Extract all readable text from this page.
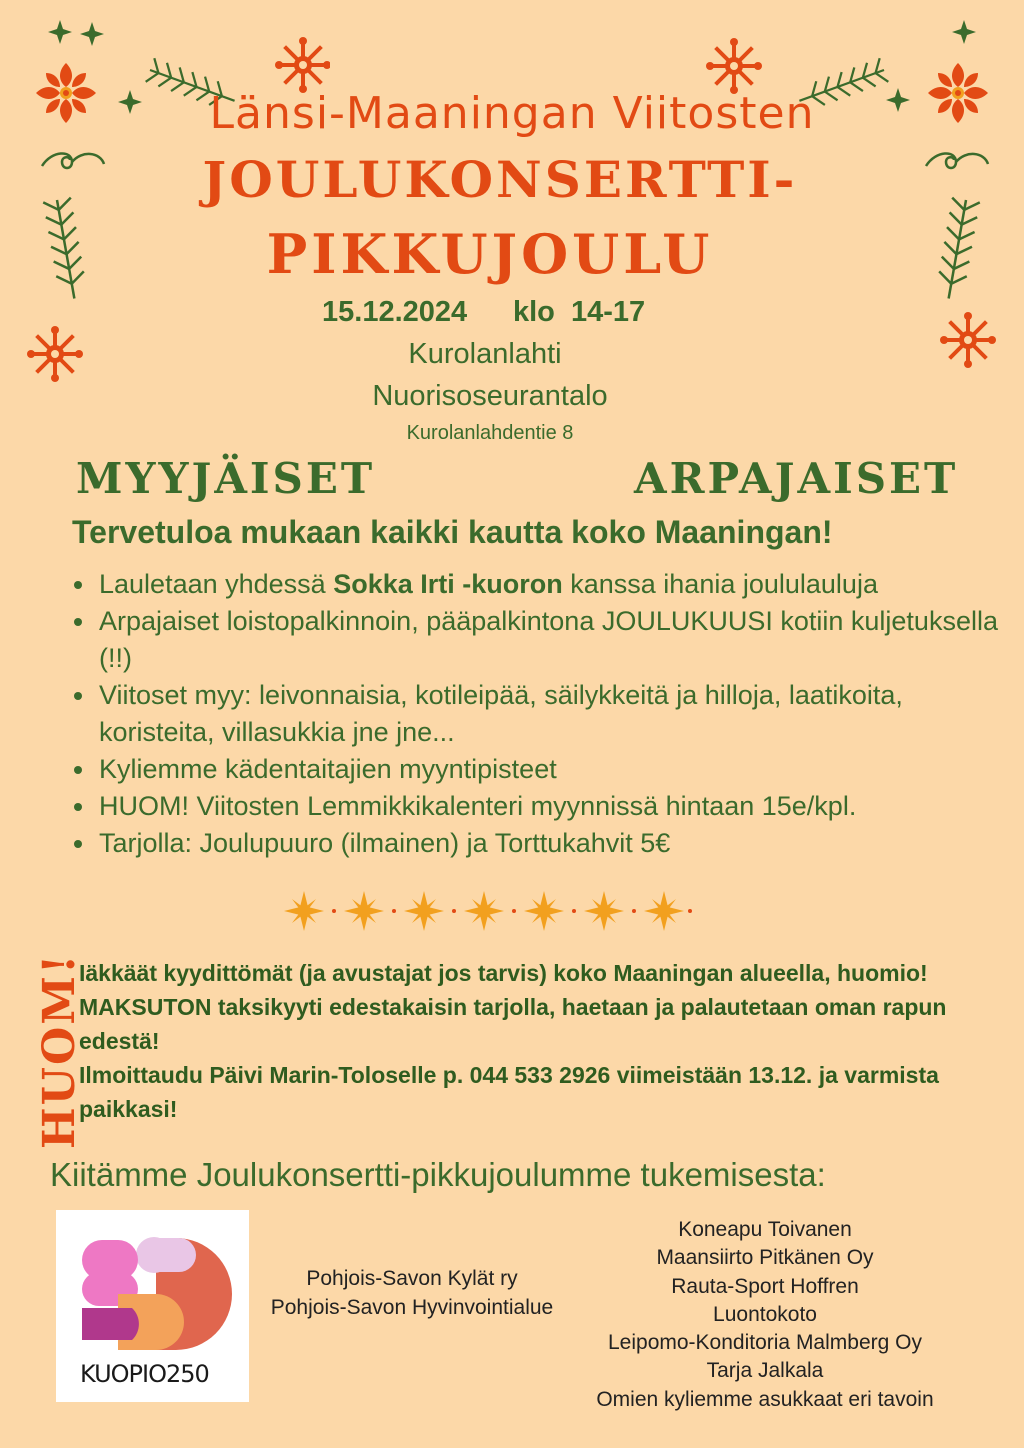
Länsi-Maaningan Viitosten
JOULUKONSERTTI-
PIKKUJOULU
15.12.2024 klo  14-17
Kurolanlahti
Nuorisoseurantalo
Kurolanlahdentie 8
MYYJÄISET	ARPAJAISET
Tervetuloa mukaan kaikki kautta koko Maaningan!
Lauletaan yhdessä Sokka Irti -kuoron kanssa ihania joululauluja
Arpajaiset loistopalkinnoin, pääpalkintona JOULUKUUSI kotiin kuljetuksella (!!)
Viitoset myy: leivonnaisia, kotileipää, säilykkeitä ja hilloja, laatikoita, koristeita, villasukkia jne jne...
Kyliemme kädentaitajien myyntipisteet
HUOM! Viitosten Lemmikkikalenteri myynnissä hintaan 15e/kpl.
Tarjolla: Joulupuuro (ilmainen) ja Torttukahvit 5€
HUOM!

Iäkkäät kyydittömät (ja avustajat jos tarvis) koko Maaningan alueella, huomio!

MAKSUTON taksikyyti edestakaisin tarjolla, haetaan ja palautetaan oman rapun edestä!

Ilmoittaudu Päivi Marin-Toloselle p. 044 533 2926 viimeistään 13.12. ja varmista paikkasi!

Kiitämme Joulukonsertti-pikkujoulumme tukemisesta:
KUOPIO250
Pohjois-Savon Kylät ry
Pohjois-Savon Hyvinvointialue
Koneapu Toivanen
Maansiirto Pitkänen Oy
Rauta-Sport Hoffren
Luontokoto
Leipomo-Konditoria Malmberg Oy
Tarja Jalkala
Omien kyliemme asukkaat eri tavoin
